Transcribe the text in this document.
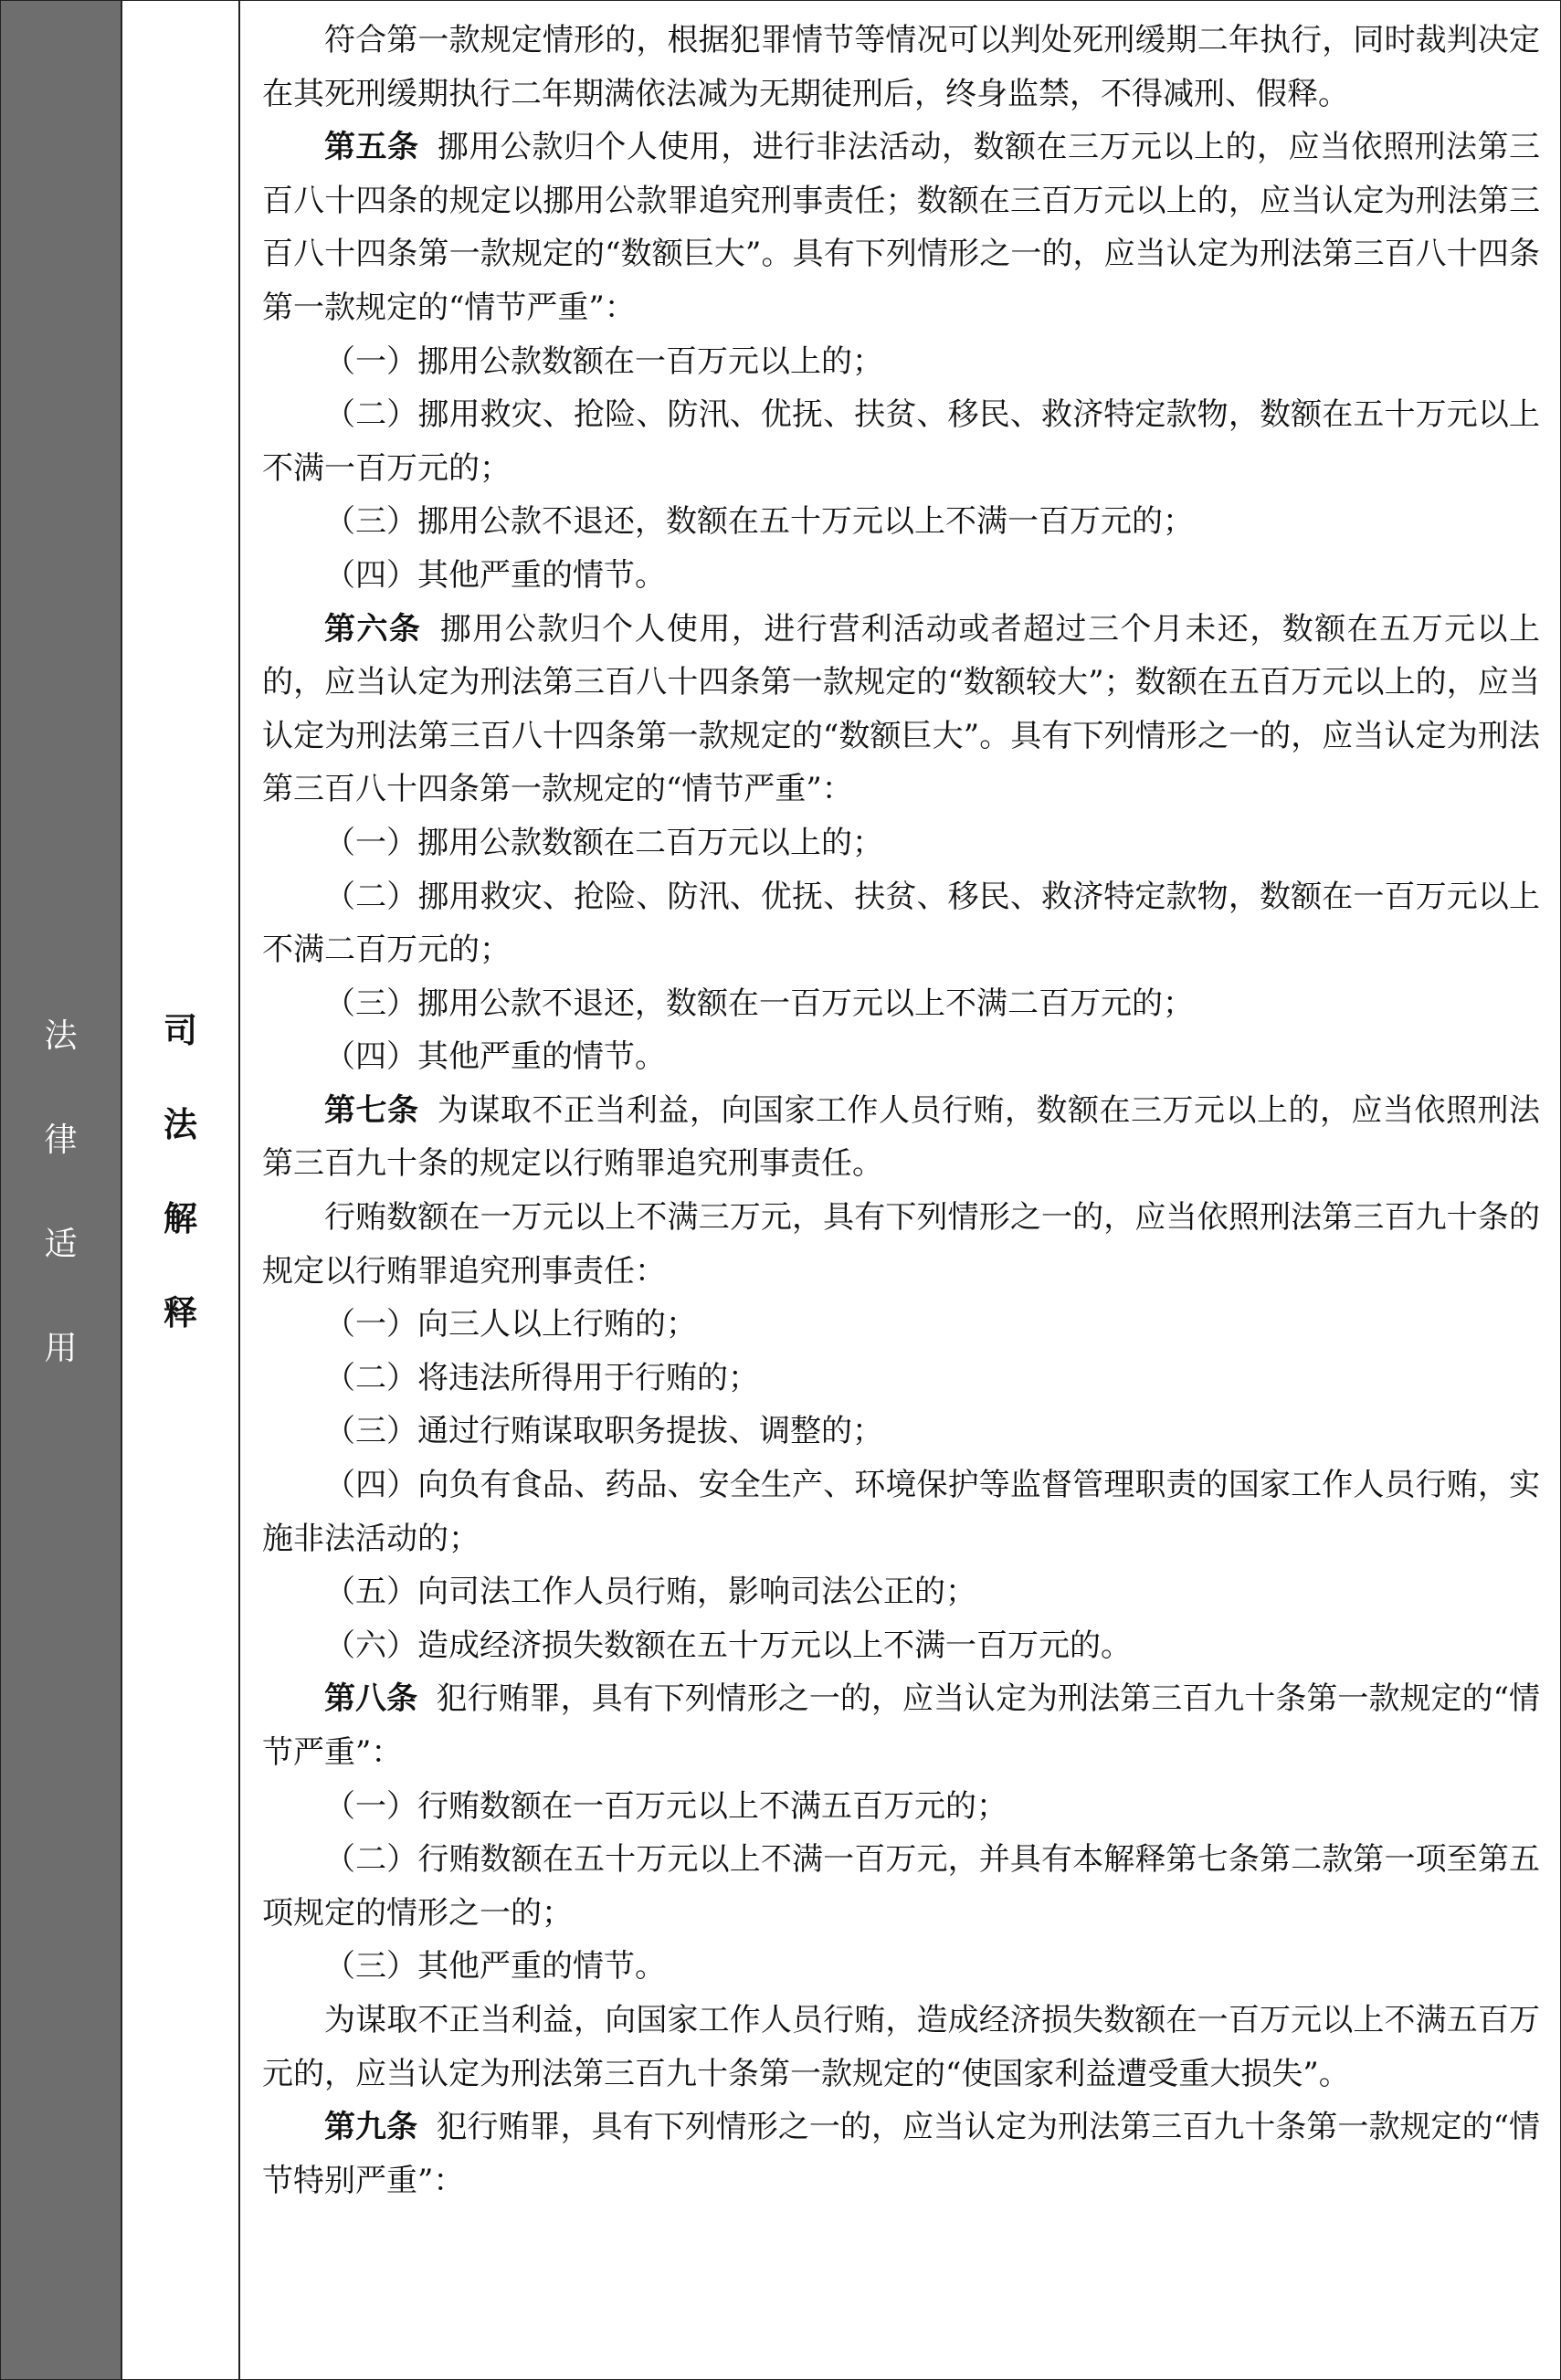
法
律
适
用
司
法
解
释

符合第一款规定情形的，根据犯罪情节等情况可以判处死刑缓期二年执行，同时裁判决定在其死刑缓期执行二年期满依法减为无期徒刑后，终身监禁，不得减刑、假释。

第五条 挪用公款归个人使用，进行非法活动，数额在三万元以上的，应当依照刑法第三百八十四条的规定以挪用公款罪追究刑事责任；数额在三百万元以上的，应当认定为刑法第三百八十四条第一款规定的“数额巨大”。具有下列情形之一的，应当认定为刑法第三百八十四条第一款规定的“情节严重”：

（一）挪用公款数额在一百万元以上的；

（二）挪用救灾、抢险、防汛、优抚、扶贫、移民、救济特定款物，数额在五十万元以上不满一百万元的；

（三）挪用公款不退还，数额在五十万元以上不满一百万元的；

（四）其他严重的情节。

第六条 挪用公款归个人使用，进行营利活动或者超过三个月未还，数额在五万元以上的，应当认定为刑法第三百八十四条第一款规定的“数额较大”；数额在五百万元以上的，应当认定为刑法第三百八十四条第一款规定的“数额巨大”。具有下列情形之一的，应当认定为刑法第三百八十四条第一款规定的“情节严重”：

（一）挪用公款数额在二百万元以上的；

（二）挪用救灾、抢险、防汛、优抚、扶贫、移民、救济特定款物，数额在一百万元以上不满二百万元的；

（三）挪用公款不退还，数额在一百万元以上不满二百万元的；

（四）其他严重的情节。

第七条 为谋取不正当利益，向国家工作人员行贿，数额在三万元以上的，应当依照刑法第三百九十条的规定以行贿罪追究刑事责任。

行贿数额在一万元以上不满三万元，具有下列情形之一的，应当依照刑法第三百九十条的规定以行贿罪追究刑事责任：

（一）向三人以上行贿的；

（二）将违法所得用于行贿的；

（三）通过行贿谋取职务提拔、调整的；

（四）向负有食品、药品、安全生产、环境保护等监督管理职责的国家工作人员行贿，实施非法活动的；

（五）向司法工作人员行贿，影响司法公正的；

（六）造成经济损失数额在五十万元以上不满一百万元的。

第八条 犯行贿罪，具有下列情形之一的，应当认定为刑法第三百九十条第一款规定的“情节严重”：

（一）行贿数额在一百万元以上不满五百万元的；

（二）行贿数额在五十万元以上不满一百万元，并具有本解释第七条第二款第一项至第五项规定的情形之一的；

（三）其他严重的情节。

为谋取不正当利益，向国家工作人员行贿，造成经济损失数额在一百万元以上不满五百万元的，应当认定为刑法第三百九十条第一款规定的“使国家利益遭受重大损失”。

第九条 犯行贿罪，具有下列情形之一的，应当认定为刑法第三百九十条第一款规定的“情节特别严重”：
